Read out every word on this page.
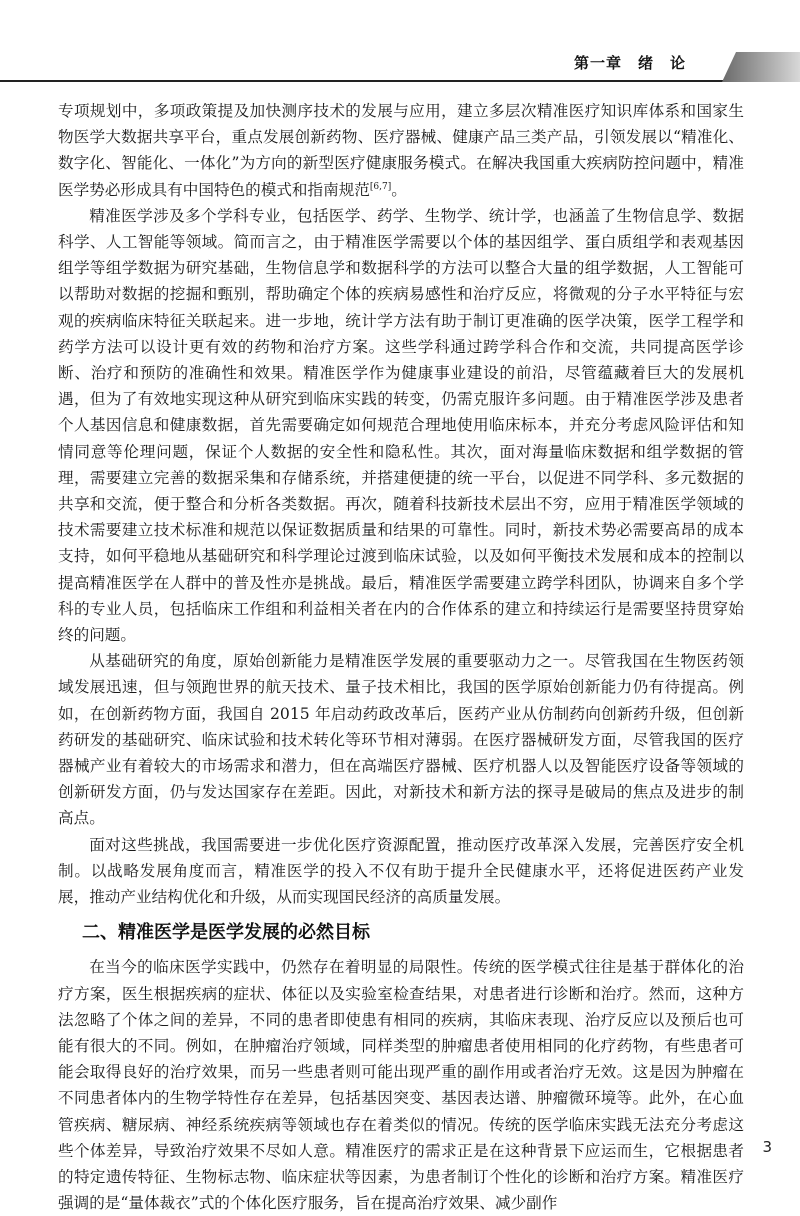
第一章　绪　论

专项规划中，多项政策提及加快测序技术的发展与应用，建立多层次精准医疗知识库体系和国家生物医学大数据共享平台，重点发展创新药物、医疗器械、健康产品三类产品，引领发展以“精准化、数字化、智能化、一体化”为方向的新型医疗健康服务模式。在解决我国重大疾病防控问题中，精准医学势必形成具有中国特色的模式和指南规范[6,7]。

精准医学涉及多个学科专业，包括医学、药学、生物学、统计学，也涵盖了生物信息学、数据科学、人工智能等领域。简而言之，由于精准医学需要以个体的基因组学、蛋白质组学和表观基因组学等组学数据为研究基础，生物信息学和数据科学的方法可以整合大量的组学数据，人工智能可以帮助对数据的挖掘和甄别，帮助确定个体的疾病易感性和治疗反应，将微观的分子水平特征与宏观的疾病临床特征关联起来。进一步地，统计学方法有助于制订更准确的医学决策，医学工程学和药学方法可以设计更有效的药物和治疗方案。这些学科通过跨学科合作和交流，共同提高医学诊断、治疗和预防的准确性和效果。精准医学作为健康事业建设的前沿，尽管蕴藏着巨大的发展机遇，但为了有效地实现这种从研究到临床实践的转变，仍需克服许多问题。由于精准医学涉及患者个人基因信息和健康数据，首先需要确定如何规范合理地使用临床标本，并充分考虑风险评估和知情同意等伦理问题，保证个人数据的安全性和隐私性。其次，面对海量临床数据和组学数据的管理，需要建立完善的数据采集和存储系统，并搭建便捷的统一平台，以促进不同学科、多元数据的共享和交流，便于整合和分析各类数据。再次，随着科技新技术层出不穷，应用于精准医学领域的技术需要建立技术标准和规范以保证数据质量和结果的可靠性。同时，新技术势必需要高昂的成本支持，如何平稳地从基础研究和科学理论过渡到临床试验，以及如何平衡技术发展和成本的控制以提高精准医学在人群中的普及性亦是挑战。最后，精准医学需要建立跨学科团队，协调来自多个学科的专业人员，包括临床工作组和利益相关者在内的合作体系的建立和持续运行是需要坚持贯穿始终的问题。

从基础研究的角度，原始创新能力是精准医学发展的重要驱动力之一。尽管我国在生物医药领域发展迅速，但与领跑世界的航天技术、量子技术相比，我国的医学原始创新能力仍有待提高。例如，在创新药物方面，我国自 2015 年启动药政改革后，医药产业从仿制药向创新药升级，但创新药研发的基础研究、临床试验和技术转化等环节相对薄弱。在医疗器械研发方面，尽管我国的医疗器械产业有着较大的市场需求和潜力，但在高端医疗器械、医疗机器人以及智能医疗设备等领域的创新研发方面，仍与发达国家存在差距。因此，对新技术和新方法的探寻是破局的焦点及进步的制高点。

面对这些挑战，我国需要进一步优化医疗资源配置，推动医疗改革深入发展，完善医疗安全机制。以战略发展角度而言，精准医学的投入不仅有助于提升全民健康水平，还将促进医药产业发展，推动产业结构优化和升级，从而实现国民经济的高质量发展。

二、精准医学是医学发展的必然目标

在当今的临床医学实践中，仍然存在着明显的局限性。传统的医学模式往往是基于群体化的治疗方案，医生根据疾病的症状、体征以及实验室检查结果，对患者进行诊断和治疗。然而，这种方法忽略了个体之间的差异，不同的患者即使患有相同的疾病，其临床表现、治疗反应以及预后也可能有很大的不同。例如，在肿瘤治疗领域，同样类型的肿瘤患者使用相同的化疗药物，有些患者可能会取得良好的治疗效果，而另一些患者则可能出现严重的副作用或者治疗无效。这是因为肿瘤在不同患者体内的生物学特性存在差异，包括基因突变、基因表达谱、肿瘤微环境等。此外，在心血管疾病、糖尿病、神经系统疾病等领域也存在着类似的情况。传统的医学临床实践无法充分考虑这些个体差异，导致治疗效果不尽如人意。精准医疗的需求正是在这种背景下应运而生，它根据患者的特定遗传特征、生物标志物、临床症状等因素，为患者制订个性化的诊断和治疗方案。精准医疗强调的是“量体裁衣”式的个体化医疗服务，旨在提高治疗效果、减少副作

3
